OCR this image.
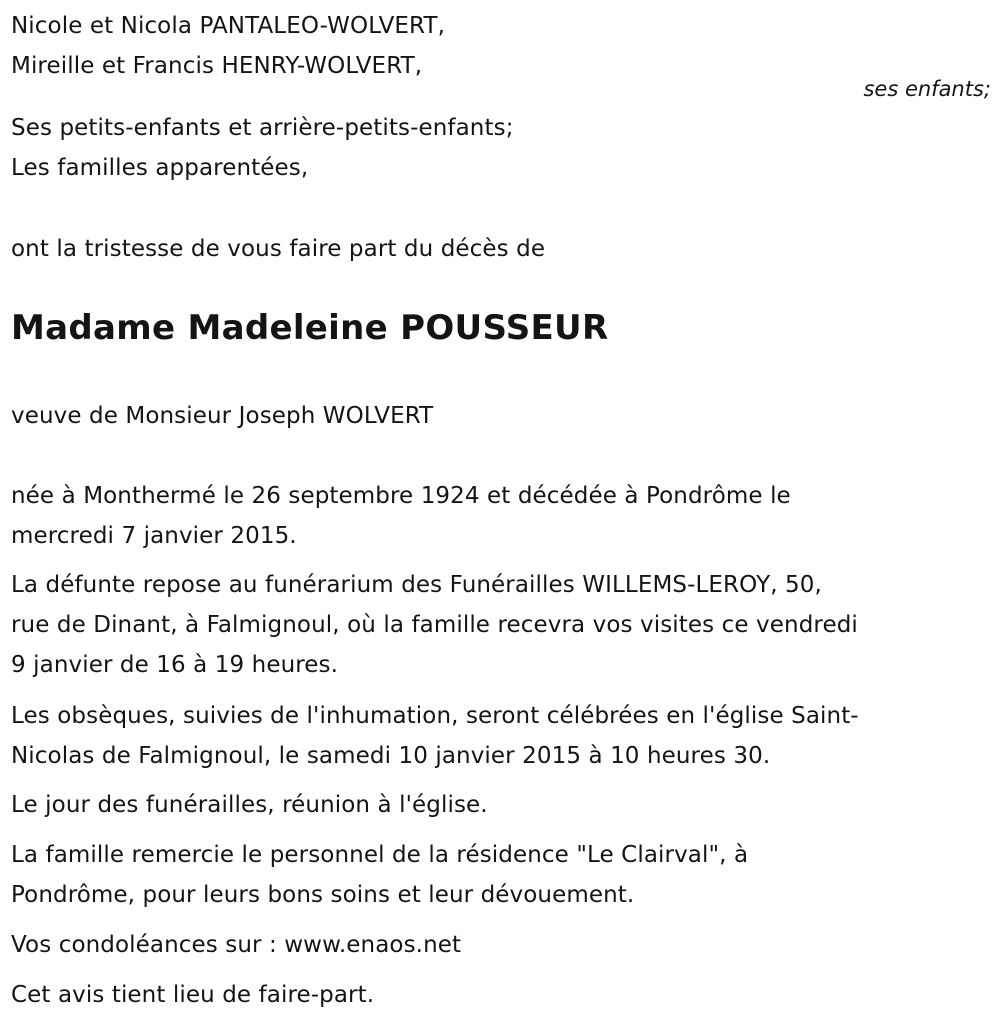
Nicole et Nicola PANTALEO-WOLVERT,
Mireille et Francis HENRY-WOLVERT,
ses enfants;
Ses petits-enfants et arrière-petits-enfants;
Les familles apparentées,
ont la tristesse de vous faire part du décès de
Madame Madeleine POUSSEUR
veuve de Monsieur Joseph WOLVERT
née à Monthermé le 26 septembre 1924 et décédée à Pondrôme le
mercredi 7 janvier 2015.
La défunte repose au funérarium des Funérailles WILLEMS-LEROY, 50,
rue de Dinant, à Falmignoul, où la famille recevra vos visites ce vendredi
9 janvier de 16 à 19 heures.
Les obsèques, suivies de l'inhumation, seront célébrées en l'église Saint-
Nicolas de Falmignoul, le samedi 10 janvier 2015 à 10 heures 30.
Le jour des funérailles, réunion à l'église.
La famille remercie le personnel de la résidence "Le Clairval", à
Pondrôme, pour leurs bons soins et leur dévouement.
Vos condoléances sur : www.enaos.net
Cet avis tient lieu de faire-part.
